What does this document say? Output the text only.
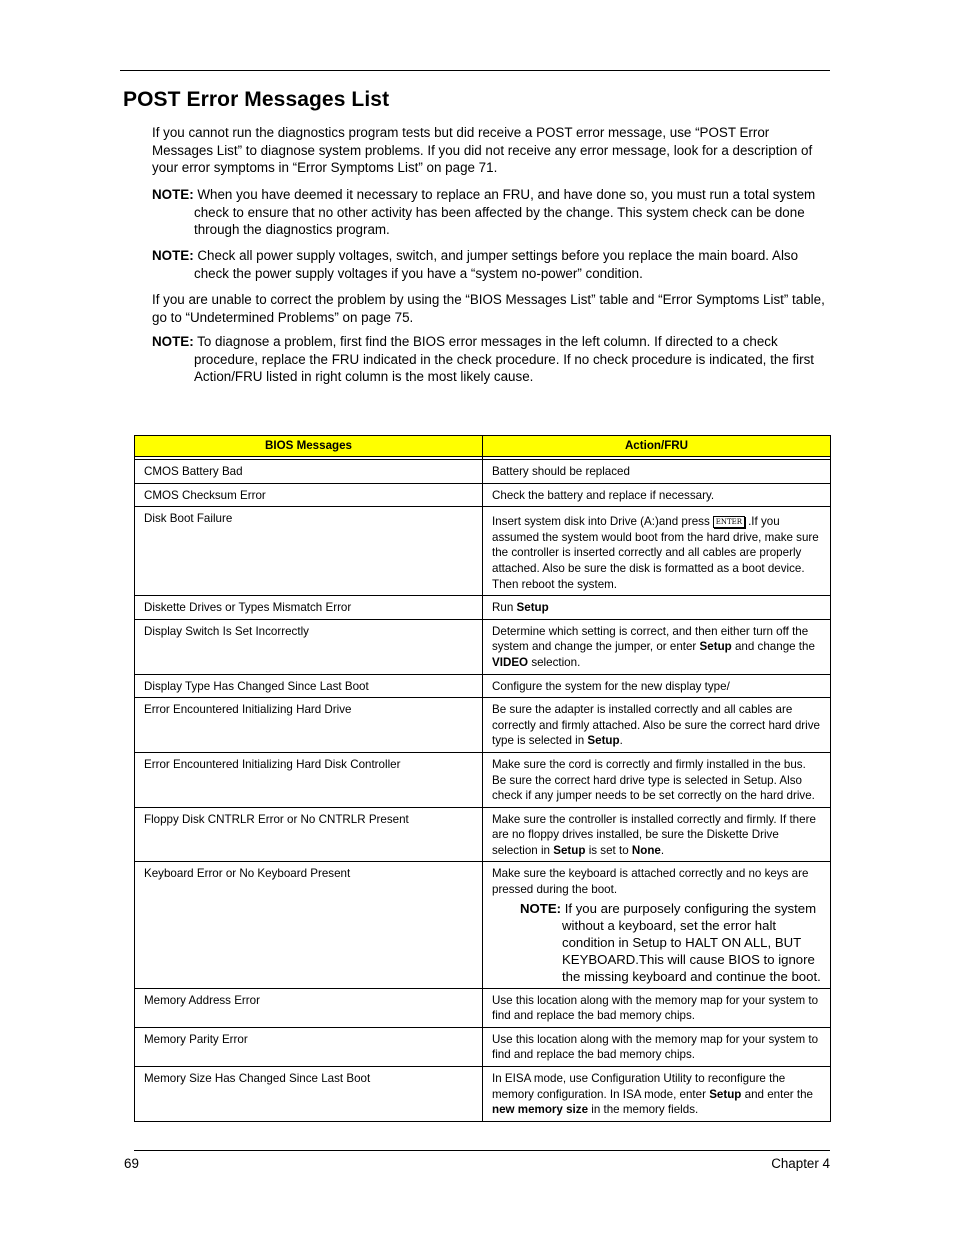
POST Error Messages List

If you cannot run the diagnostics program tests but did receive a POST error message, use “POST Error Messages List” to diagnose system problems. If you did not receive any error message, look for a description of your error symptoms in “Error Symptoms List” on page 71.

NOTE: When you have deemed it necessary to replace an FRU, and have done so, you must run a total system check to ensure that no other activity has been affected by the change. This system check can be done through the diagnostics program.

NOTE: Check all power supply voltages, switch, and jumper settings before you replace the main board. Also check the power supply voltages if you have a “system no-power” condition.

If you are unable to correct the problem by using the “BIOS Messages List” table and “Error Symptoms List” table, go to “Undetermined Problems” on page 75.

NOTE: To diagnose a problem, first find the BIOS error messages in the left column. If directed to a check procedure, replace the FRU indicated in the check procedure. If no check procedure is indicated, the first Action/FRU listed in right column is the most likely cause.

BIOS Messages	Action/FRU

CMOS Battery Bad	Battery should be replaced
CMOS Checksum Error	Check the battery and replace if necessary.
Disk Boot Failure	Insert system disk into Drive (A:)and press ENTER .If you assumed the system would boot from the hard drive, make sure the controller is inserted correctly and all cables are properly attached. Also be sure the disk is formatted as a boot device. Then reboot the system.
Diskette Drives or Types Mismatch Error	Run Setup
Display Switch Is Set Incorrectly	Determine which setting is correct, and then either turn off the system and change the jumper, or enter Setup and change the VIDEO selection.
Display Type Has Changed Since Last Boot	Configure the system for the new display type/
Error Encountered Initializing Hard Drive	Be sure the adapter is installed correctly and all cables are correctly and firmly attached. Also be sure the correct hard drive type is selected in Setup.
Error Encountered Initializing Hard Disk Controller	Make sure the cord is correctly and firmly installed in the bus. Be sure the correct hard drive type is selected in Setup. Also check if any jumper needs to be set correctly on the hard drive.
Floppy Disk CNTRLR Error or No CNTRLR Present	Make sure the controller is installed correctly and firmly. If there are no floppy drives installed, be sure the Diskette Drive selection in Setup is set to None.
Keyboard Error or No Keyboard Present	Make sure the keyboard is attached correctly and no keys are pressed during the boot.
NOTE: If you are purposely configuring the system without a keyboard, set the error halt condition in Setup to HALT ON ALL, BUT KEYBOARD.This will cause BIOS to ignore the missing keyboard and continue the boot.

Memory Address Error	Use this location along with the memory map for your system to find and replace the bad memory chips.
Memory Parity Error	Use this location along with the memory map for your system to find and replace the bad memory chips.
Memory Size Has Changed Since Last Boot	In EISA mode, use Configuration Utility to reconfigure the memory configuration. In ISA mode, enter Setup and enter the new memory size in the memory fields.
69	Chapter 4
